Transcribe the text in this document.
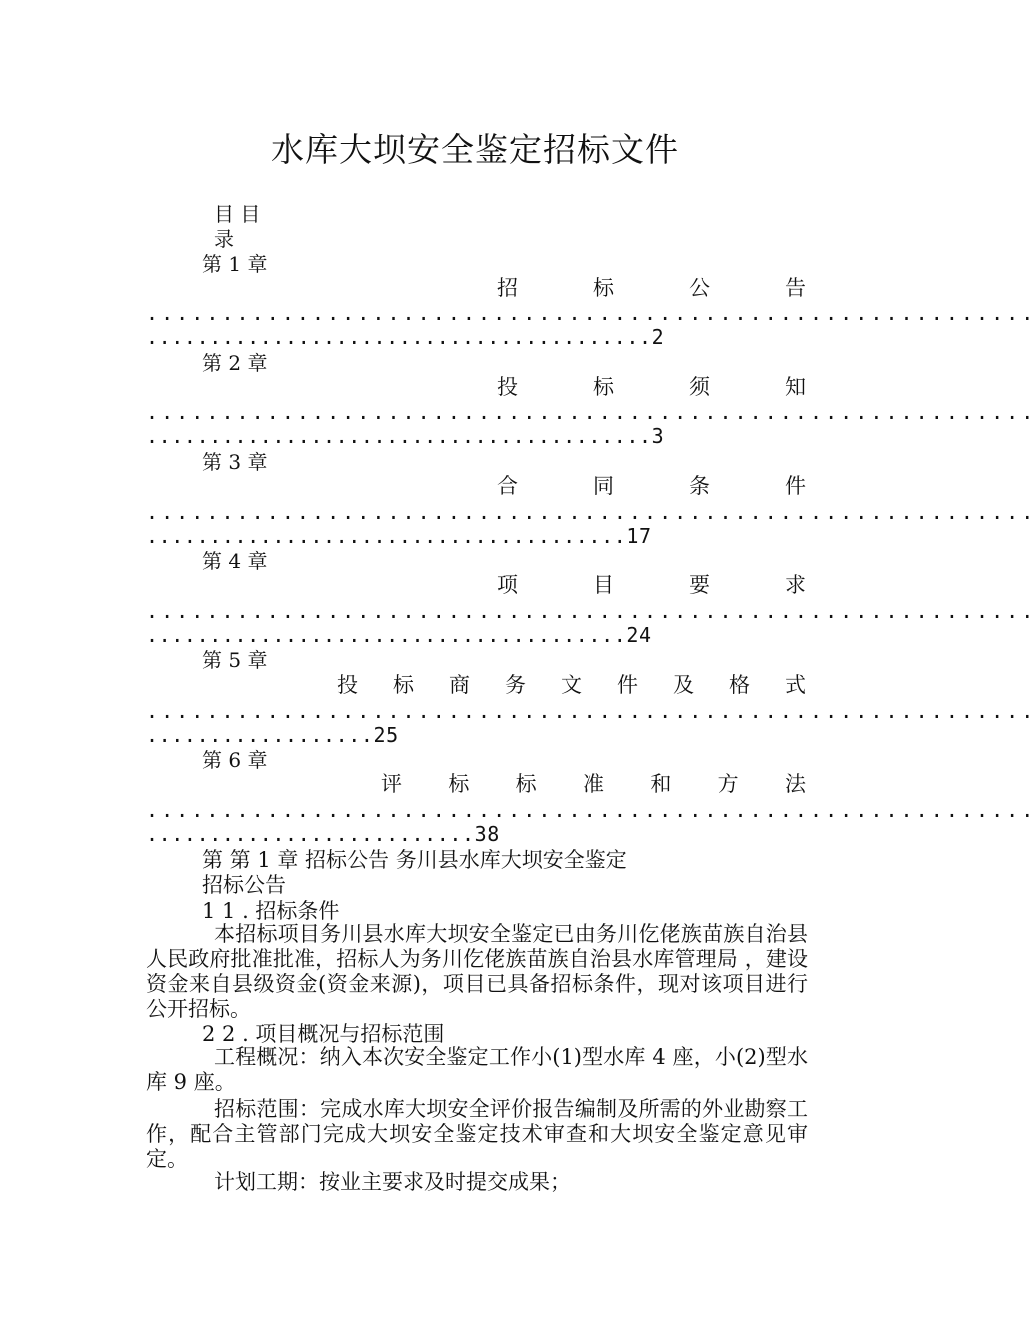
水库大坝安全鉴定招标文件
目 目
录
第 1 章
招	标	公	告
...........................................................
........................................2
第 2 章
投	标	须	知
...........................................................
........................................3
第 3 章
合	同	条	件
...........................................................
......................................17
第 4 章
项	目	要	求
...........................................................
......................................24
第 5 章
投 标 商 务 文 件 及 格 式
...........................................................
..................25
第 6 章
评 标 标 准 和 方 法
...........................................................
..........................38
第 第 1 章 招标公告 务川县水库大坝安全鉴定
招标公告
1 1 . 招标条件
本招标项目务川县水库大坝安全鉴定已由务川仡佬族苗族自治县人民政府批准批准，招标人为务川仡佬族苗族自治县水库管理局 ，建设资金来自县级资金(资金来源)，项目已具备招标条件，现对该项目进行公开招标。
2 2 . 项目概况与招标范围
工程概况：纳入本次安全鉴定工作小(1)型水库 4 座，小(2)型水库 9 座。
招标范围：完成水库大坝安全评价报告编制及所需的外业勘察工作，配合主管部门完成大坝安全鉴定技术审查和大坝安全鉴定意见审定。
计划工期：按业主要求及时提交成果；
